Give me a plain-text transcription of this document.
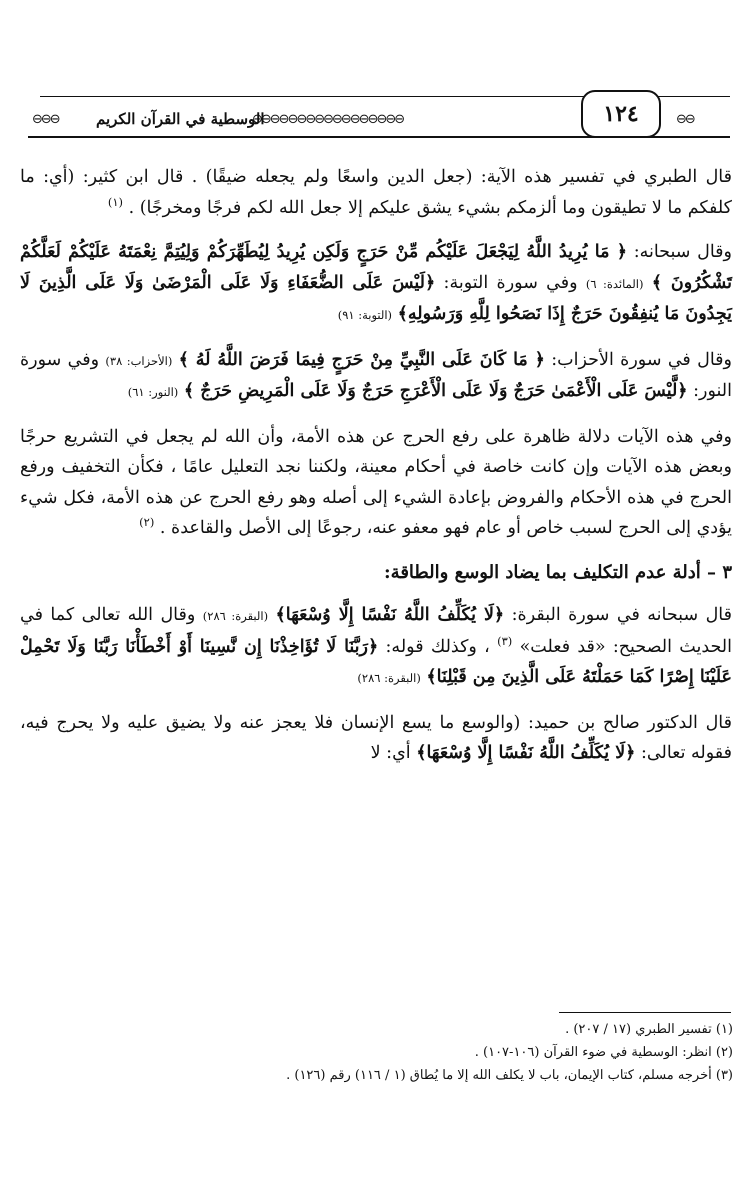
⊖⊖⊖ الوسطية في القرآن الكريم
⊖⊖⊖⊖⊖⊖⊖⊖⊖⊖⊖⊖⊖⊖⊖⊖⊖	١٢٤	⊖⊖

قال الطبري في تفسير هذه الآية: (جعل الدين واسعًا ولم يجعله ضيقًا) . قال ابن كثير: (أي: ما كلفكم ما لا تطيقون وما ألزمكم بشيء يشق عليكم إلا جعل الله لكم فرجًا ومخرجًا) . $^{(١)}$

وقال سبحانه: ﴿ مَا يُرِيدُ اللَّهُ لِيَجْعَلَ عَلَيْكُم مِّنْ حَرَجٍ وَلَكِن يُرِيدُ لِيُطَهِّرَكُمْ وَلِيُتِمَّ نِعْمَتَهُ عَلَيْكُمْ لَعَلَّكُمْ تَشْكُرُونَ ﴾ (المائدة: ٦) وفي سورة التوبة: ﴿لَيْسَ عَلَى الضُّعَفَاءِ وَلَا عَلَى الْمَرْضَىٰ وَلَا عَلَى الَّذِينَ لَا يَجِدُونَ مَا يُنفِقُونَ حَرَجٌ إِذَا نَصَحُوا لِلَّهِ وَرَسُولِهِ﴾ (التوبة: ٩١)

وقال في سورة الأحزاب: ﴿ مَا كَانَ عَلَى النَّبِيِّ مِنْ حَرَجٍ فِيمَا فَرَضَ اللَّهُ لَهُ ﴾ (الأحزاب: ٣٨) وفي سورة النور: ﴿لَّيْسَ عَلَى الْأَعْمَىٰ حَرَجٌ وَلَا عَلَى الْأَعْرَجِ حَرَجٌ وَلَا عَلَى الْمَرِيضِ حَرَجٌ ﴾ (النور: ٦١)

وفي هذه الآيات دلالة ظاهرة على رفع الحرج عن هذه الأمة، وأن الله لم يجعل في التشريع حرجًا وبعض هذه الآيات وإن كانت خاصة في أحكام معينة، ولكننا نجد التعليل عامًا ، فكأن التخفيف ورفع الحرج في هذه الأحكام والفروض بإعادة الشيء إلى أصله وهو رفع الحرج عن هذه الأمة، فكل شيء يؤدي إلى الحرج لسبب خاص أو عام فهو معفو عنه، رجوعًا إلى الأصل والقاعدة . $^{(٢)}$

٣ – أدلة عدم التكليف بما يضاد الوسع والطاقة:

قال سبحانه في سورة البقرة: ﴿لَا يُكَلِّفُ اللَّهُ نَفْسًا إِلَّا وُسْعَهَا﴾ (البقرة: ٢٨٦) وقال الله تعالى كما في الحديث الصحيح: «قد فعلت» $^{(٣)}$ ، وكذلك قوله: ﴿رَبَّنَا لَا تُؤَاخِذْنَا إِن نَّسِينَا أَوْ أَخْطَأْنَا رَبَّنَا وَلَا تَحْمِلْ عَلَيْنَا إِصْرًا كَمَا حَمَلْتَهُ عَلَى الَّذِينَ مِن قَبْلِنَا﴾ (البقرة: ٢٨٦)

قال الدكتور صالح بن حميد: (والوسع ما يسع الإنسان فلا يعجز عنه ولا يضيق عليه ولا يحرج فيه، فقوله تعالى: ﴿لَا يُكَلِّفُ اللَّهُ نَفْسًا إِلَّا وُسْعَهَا﴾ أي: لا

(١) تفسير الطبري (١٧ / ٢٠٧) .
(٢) انظر: الوسطية في ضوء القرآن (١٠٦-١٠٧) .
(٣) أخرجه مسلم، كتاب الإيمان، باب لا يكلف الله إلا ما يُطاق (١ / ١١٦) رقم (١٢٦) .
